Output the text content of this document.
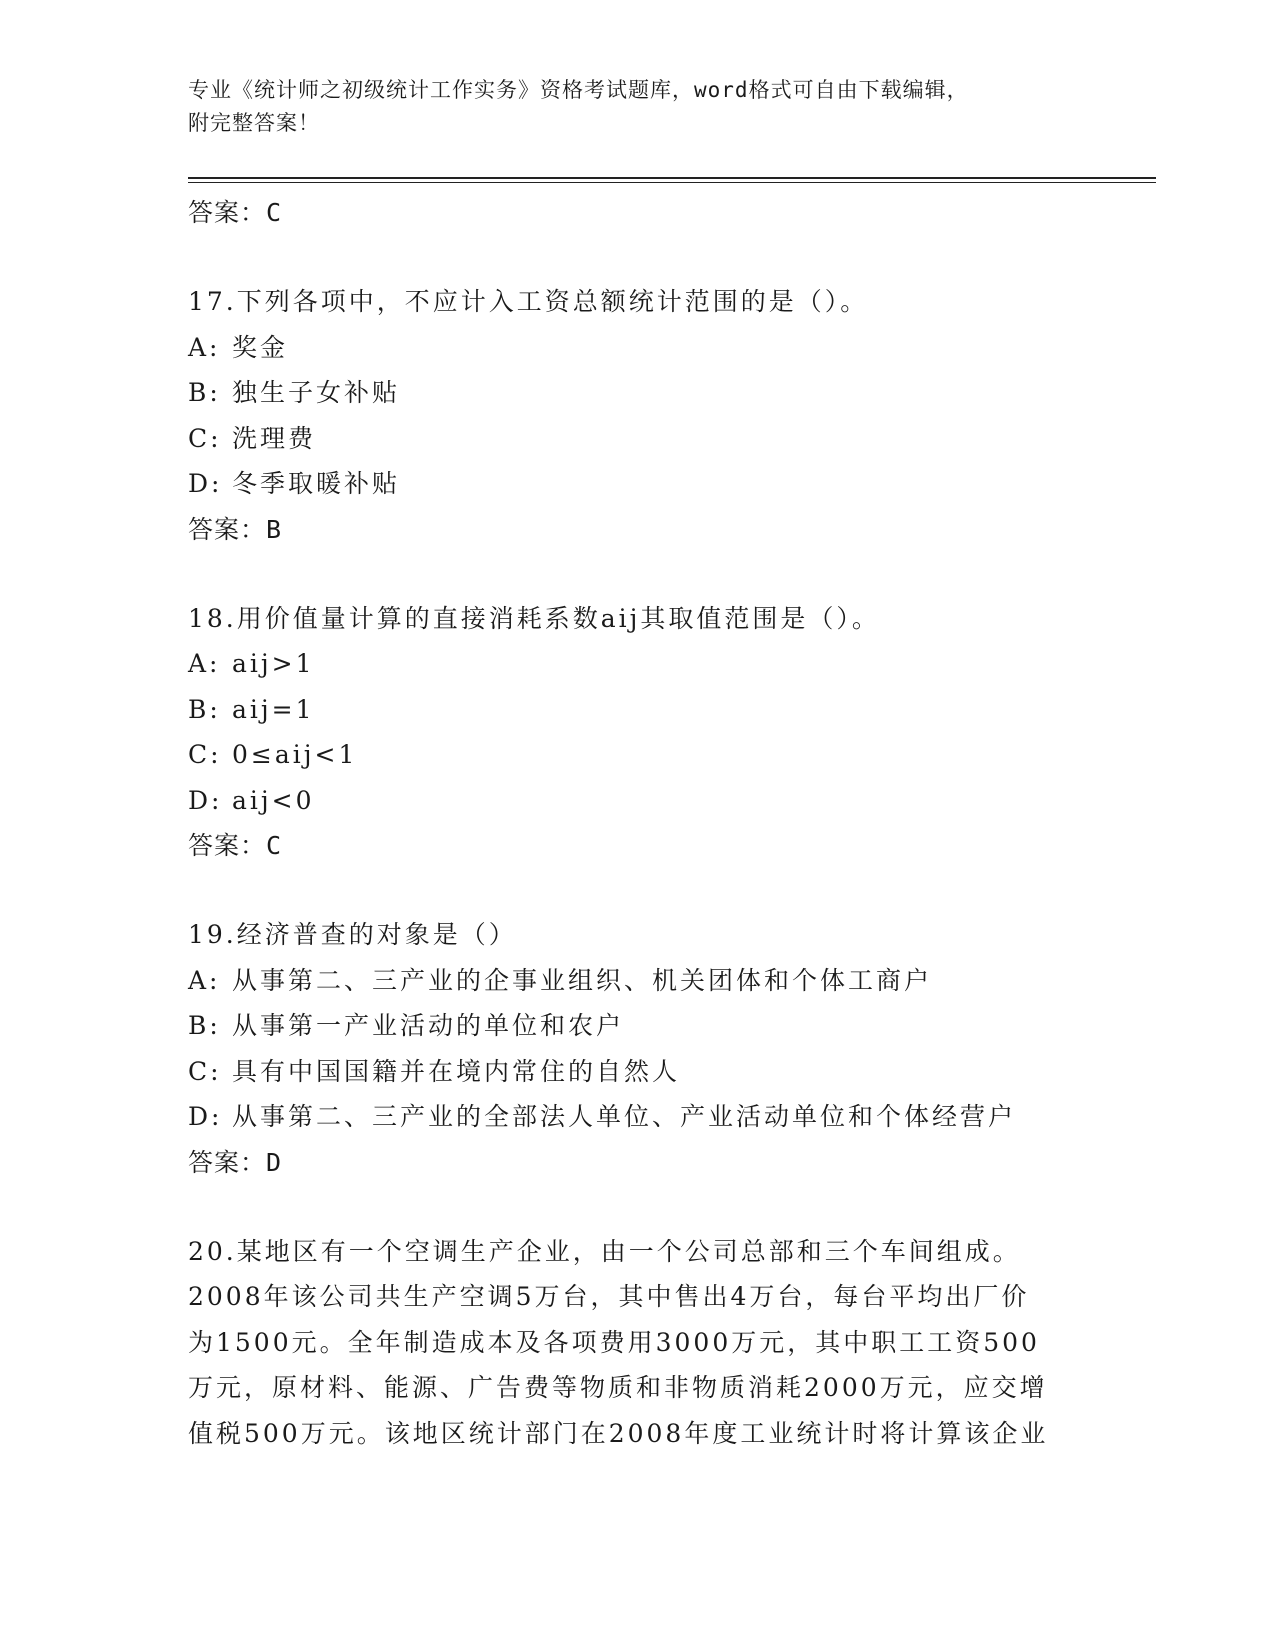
专业《统计师之初级统计工作实务》资格考试题库，word格式可自由下载编辑，
附完整答案！
答案：C
17.下列各项中，不应计入工资总额统计范围的是（）。
A: 奖金
B: 独生子女补贴
C: 洗理费
D: 冬季取暖补贴
答案：B
18.用价值量计算的直接消耗系数aij其取值范围是（）。
A: aij>1
B: aij=1
C: 0≤aij<1
D: aij<0
答案：C
19.经济普查的对象是（）
A: 从事第二、三产业的企事业组织、机关团体和个体工商户
B: 从事第一产业活动的单位和农户
C: 具有中国国籍并在境内常住的自然人
D: 从事第二、三产业的全部法人单位、产业活动单位和个体经营户
答案：D
20.某地区有一个空调生产企业，由一个公司总部和三个车间组成。
2008年该公司共生产空调5万台，其中售出4万台，每台平均出厂价
为1500元。全年制造成本及各项费用3000万元，其中职工工资500
万元，原材料、能源、广告费等物质和非物质消耗2000万元，应交增
值税500万元。该地区统计部门在2008年度工业统计时将计算该企业
